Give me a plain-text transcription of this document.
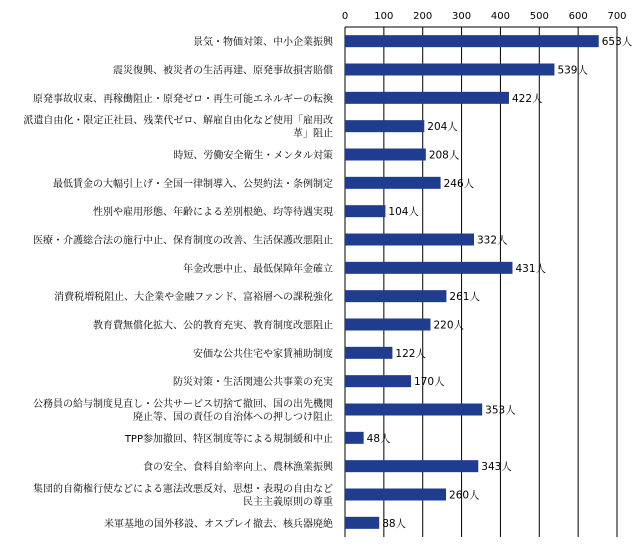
0	100 200 300 400 500 600 700
653人
景気・物価対策、中小企業振興
539人
震災復興、被災者の生活再建、原発事故損害賠償
422人
原発事故収束、再稼働阻止・原発ゼロ・再生可能エネルギーの転換
204人
派遣自由化・限定正社員、残業代ゼロ、解雇自由化など使用「雇用改革」阻止
208人
時短、労働安全衛生・メンタル対策
246人
最低賃金の大幅引上げ・全国一律制導入、公契約法・条例制定
104人
性別や雇用形態、年齢による差別根絶、均等待遇実現
332人
医療・介護総合法の施行中止、保育制度の改善、生活保護改悪阻止
431人
年金改悪中止、最低保障年金確立
261人
消費税増税阻止、大企業や金融ファンド、富裕層への課税強化
220人
教育費無償化拡大、公的教育充実、教育制度改悪阻止
122人
安価な公共住宅や家賃補助制度
170人
防災対策・生活関連公共事業の充実
353人
公務員の給与制度見直し・公共サービス切捨て撤回、国の出先機関廃止等、国の責任の自治体への押しつけ阻止
48人
TPP参加撤回、特区制度等による規制緩和中止
343人
食の安全、食料自給率向上、農林漁業振興
260人
集団的自衛権行使などによる憲法改悪反対、思想・表現の自由など民主主義原則の尊重
88人
米軍基地の国外移設、オスプレイ撤去、核兵器廃絶
